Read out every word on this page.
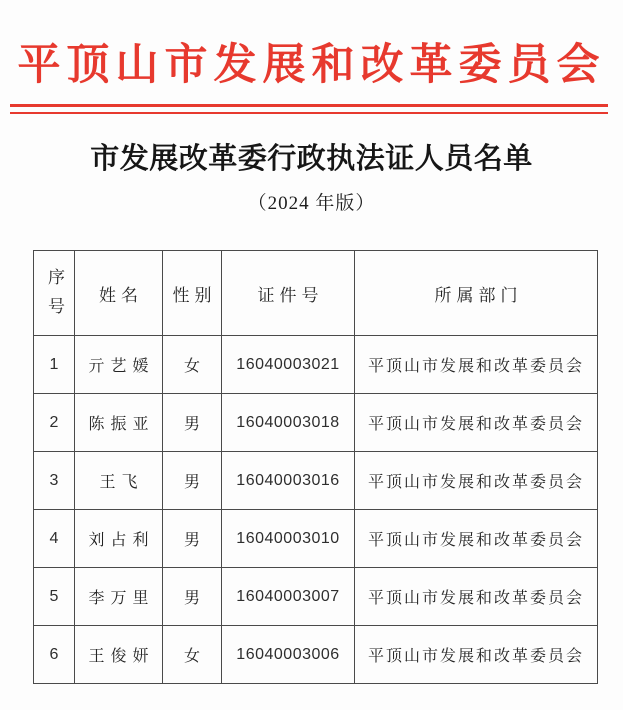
平顶山市发展和改革委员会
市发展改革委行政执法证人员名单
（2024 年版）
序号	姓名	性别	证件号	所属部门
1	亓艺媛	女	16040003021	平顶山市发展和改革委员会
2	陈振亚	男	16040003018	平顶山市发展和改革委员会
3	王飞	男	16040003016	平顶山市发展和改革委员会
4	刘占利	男	16040003010	平顶山市发展和改革委员会
5	李万里	男	16040003007	平顶山市发展和改革委员会
6	王俊妍	女	16040003006	平顶山市发展和改革委员会
